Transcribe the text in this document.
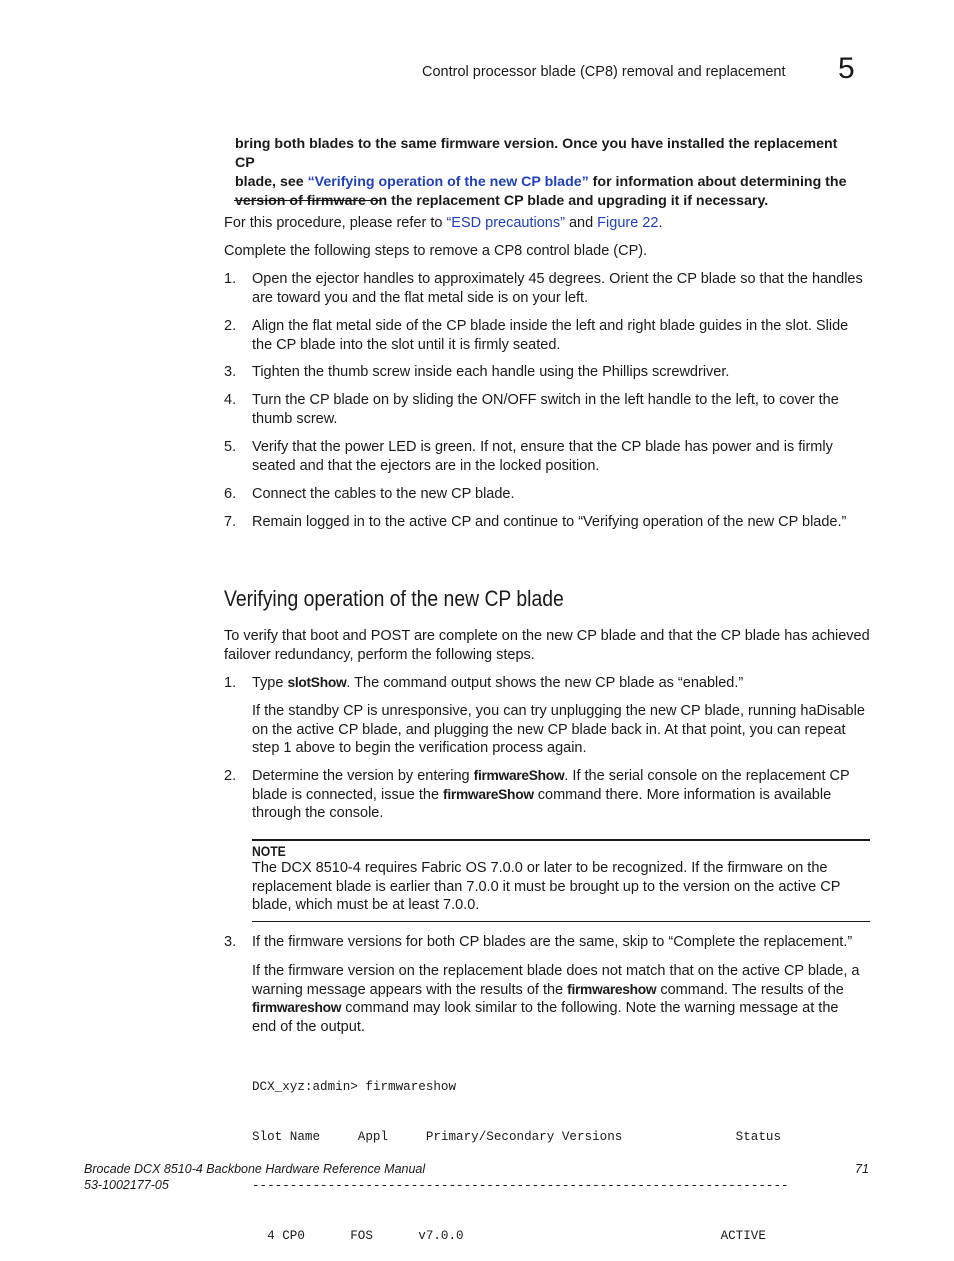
Control processor blade (CP8) removal and replacement 5
bring both blades to the same firmware version. Once you have installed the replacement CP
blade, see “Verifying operation of the new CP blade” for information about determining the
version of firmware on the replacement CP blade and upgrading it if necessary.
For this procedure, please refer to “ESD precautions” and Figure 22.
Complete the following steps to remove a CP8 control blade (CP).
1. Open the ejector handles to approximately 45 degrees. Orient the CP blade so that the handles
are toward you and the flat metal side is on your left.
2. Align the flat metal side of the CP blade inside the left and right blade guides in the slot. Slide
the CP blade into the slot until it is firmly seated.
3. Tighten the thumb screw inside each handle using the Phillips screwdriver.
4. Turn the CP blade on by sliding the ON/OFF switch in the left handle to the left, to cover the
thumb screw.
5. Verify that the power LED is green. If not, ensure that the CP blade has power and is firmly
seated and that the ejectors are in the locked position.
6. Connect the cables to the new CP blade.
7. Remain logged in to the active CP and continue to “Verifying operation of the new CP blade.”
Verifying operation of the new CP blade
To verify that boot and POST are complete on the new CP blade and that the CP blade has achieved
failover redundancy, perform the following steps.
1. Type slotShow. The command output shows the new CP blade as “enabled.”
If the standby CP is unresponsive, you can try unplugging the new CP blade, running haDisable
on the active CP blade, and plugging the new CP blade back in. At that point, you can repeat
step 1 above to begin the verification process again.
2. Determine the version by entering firmwareShow. If the serial console on the replacement CP
blade is connected, issue the firmwareShow command there. More information is available
through the console.
NOTE
The DCX 8510-4 requires Fabric OS 7.0.0 or later to be recognized. If the firmware on the
replacement blade is earlier than 7.0.0 it must be brought up to the version on the active CP
blade, which must be at least 7.0.0.
3. If the firmware versions for both CP blades are the same, skip to “Complete the replacement.”
If the firmware version on the replacement blade does not match that on the active CP blade, a
warning message appears with the results of the firmwareshow command. The results of the
firmwareshow command may look similar to the following. Note the warning message at the
end of the output.

DCX_xyz:admin> firmwareshow

Slot Name     Appl     Primary/Secondary Versions               Status

-----------------------------------------------------------------------

4 CP0      FOS      v7.0.0                                  ACTIVE

Brocade DCX 8510-4 Backbone Hardware Reference Manual
53-1002177-05
71
